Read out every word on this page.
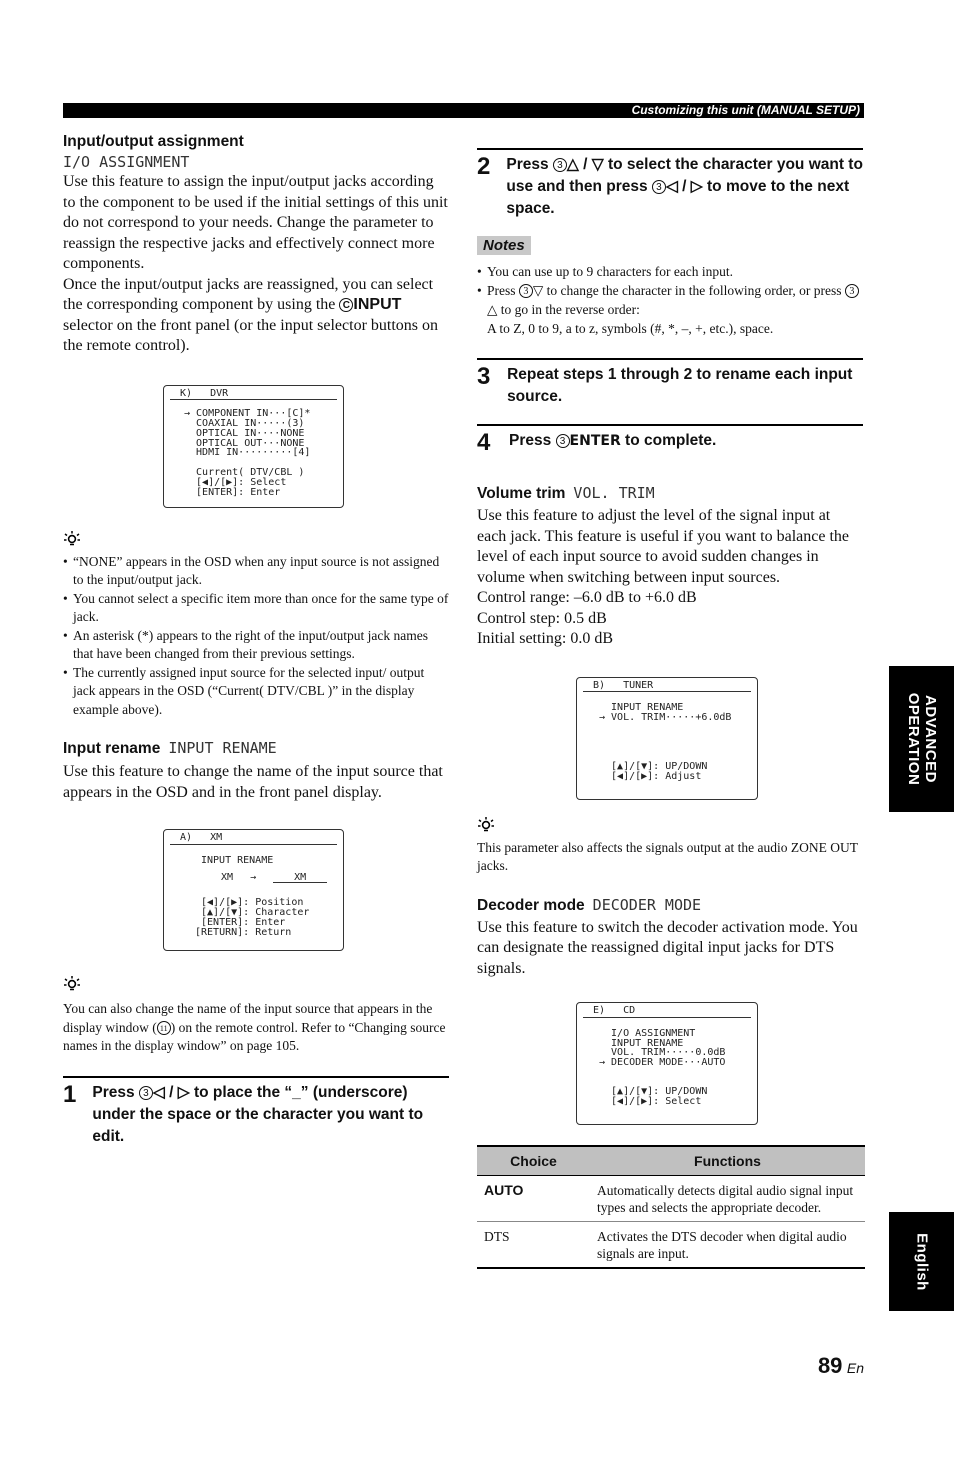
Customizing this unit (MANUAL SETUP)
Input/output assignment
I/O ASSIGNMENT

Use this feature to assign the input/output jacks according to the component to be used if the initial settings of this unit do not correspond to your needs. Change the parameter to reassign the respective jacks and effectively connect more components.

Once the input/output jacks are reassigned, you can select the corresponding component by using the C INPUT selector on the front panel (or the input selector buttons on the remote control).

K)   DVR
→ COMPONENT IN···[C]*
COAXIAL IN·····(3)
OPTICAL IN····NONE
OPTICAL OUT···NONE
HDMI IN·········[4]

Current( DTV/CBL )
[◀]/[▶]: Select
[ENTER]: Enter
• “NONE” appears in the OSD when any input source is not assigned to the input/output jack.
• You cannot select a specific item more than once for the same type of jack.
• An asterisk (*) appears to the right of the input/output jack names that have been changed from their previous settings.
• The currently assigned input source for the selected input/ output jack appears in the OSD (“Current( DTV/CBL )” in the display example above).
Input rename INPUT RENAME

Use this feature to change the name of the input source that appears in the OSD and in the front panel display.

A)   XM
INPUT RENAME
XM →	XM
[◀]/[▶]: Position
[▲]/[▼]: Character
[ENTER]: Enter
[RETURN]: Return

You can also change the name of the input source that appears in the display window ( 11 ) on the remote control. Refer to “Changing source names in the display window” on page 105.

1 Press 3 ◁ / ▷ to place the “_” (underscore) under the space or the character you want to edit.
2 Press 3 △ / ▽ to select the character you want to use and then press 3 ◁ / ▷ to move to the next space.
Notes
• You can use up to 9 characters for each input.
• Press 3 ▽ to change the character in the following order, or press 3△ to go in the reverse order:
A to Z, 0 to 9, a to z, symbols (#, *, –, +, etc.), space.
3 Repeat steps 1 through 2 to rename each input source.
4 Press 3 ENTER to complete.
Volume trim VOL. TRIM

Use this feature to adjust the level of the signal input at each jack. This feature is useful if you want to balance the level of each input source to avoid sudden changes in volume when switching between input sources.

Control range: –6.0 dB to +6.0 dB

Control step: 0.5 dB

Initial setting: 0.0 dB

B)   TUNER
INPUT RENAME
→ VOL. TRIM·····+6.0dB
[▲]/[▼]: UP/DOWN
[◀]/[▶]: Adjust

This parameter also affects the signals output at the audio ZONE OUT jacks.

Decoder mode DECODER MODE

Use this feature to switch the decoder activation mode. You can designate the reassigned digital input jacks for DTS signals.

E)   CD
I/O ASSIGNMENT
INPUT RENAME
VOL. TRIM·····0.0dB
→ DECODER MODE···AUTO
[▲]/[▼]: UP/DOWN
[◀]/[▶]: Select
Choice	Functions
AUTO	Automatically detects digital audio signal input types and selects the appropriate decoder.
DTS	Activates the DTS decoder when digital audio signals are input.
ADVANCED
OPERATION
English
89 En
